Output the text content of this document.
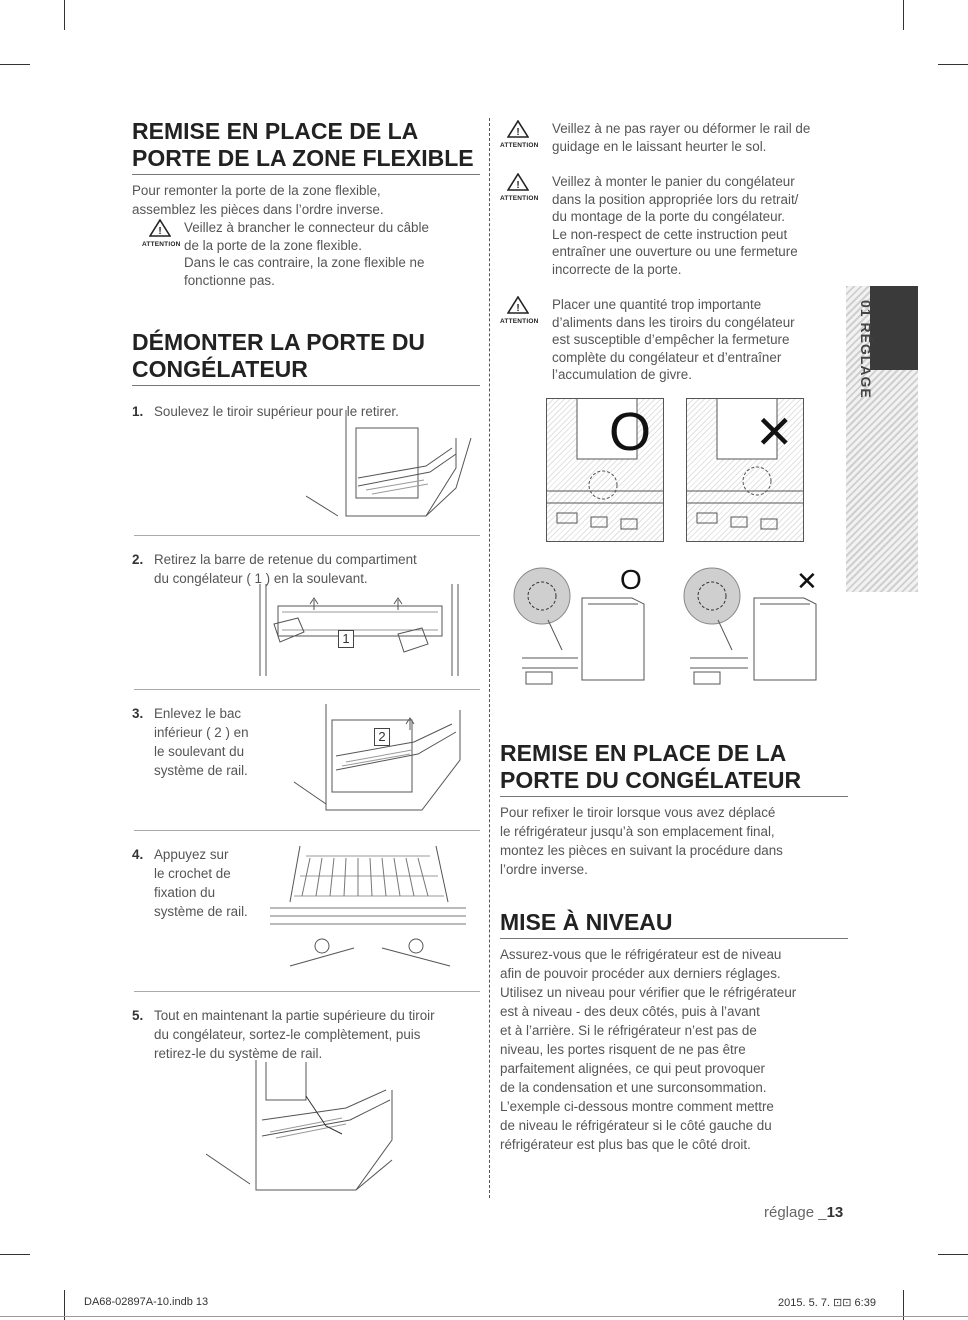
REMISE EN PLACE DE LA
PORTE DE LA ZONE FLEXIBLE

Pour remonter la porte de la zone flexible,
assemblez les pièces dans l’ordre inverse.

!
ATTENTION
Veillez à brancher le connecteur du câble
de la porte de la zone flexible.
Dans le cas contraire, la zone flexible ne
fonctionne pas.
DÉMONTER LA PORTE DU
CONGÉLATEUR
1. Soulevez le tiroir supérieur pour le retirer.
2. Retirez la barre de retenue du compartiment
du congélateur ( 1 ) en la soulevant.
1
3. Enlevez le bac
inférieur ( 2 ) en
le soulevant du
système de rail.
2
4. Appuyez sur
le crochet de
fixation du
système de rail.
5. Tout en maintenant la partie supérieure du tiroir
du congélateur, sortez-le complètement, puis
retirez-le du système de rail.
!
ATTENTION
Veillez à ne pas rayer ou déformer le rail de
guidage en le laissant heurter le sol.
!
ATTENTION
Veillez à monter le panier du congélateur
dans la position appropriée lors du retrait/
du montage de la porte du congélateur.
Le non-respect de cette instruction peut
entraîner une ouverture ou une fermeture
incorrecte de la porte.
!
ATTENTION
Placer une quantité trop importante
d’aliments dans les tiroirs du congélateur
est susceptible d’empêcher la fermeture
complète du congélateur et d’entraîner
l’accumulation de givre.
O ✕
O	✕
REMISE EN PLACE DE LA
PORTE DU CONGÉLATEUR

Pour refixer le tiroir lorsque vous avez déplacé
le réfrigérateur jusqu’à son emplacement final,
montez les pièces en suivant la procédure dans
l’ordre inverse.

MISE À NIVEAU

Assurez-vous que le réfrigérateur est de niveau
afin de pouvoir procéder aux derniers réglages.
Utilisez un niveau pour vérifier que le réfrigérateur
est à niveau - des deux côtés, puis à l’avant
et à l’arrière. Si le réfrigérateur n’est pas de
niveau, les portes risquent de ne pas être
parfaitement alignées, ce qui peut provoquer
de la condensation et une surconsommation.
L’exemple ci-dessous montre comment mettre
de niveau le réfrigérateur si le côté gauche du
réfrigérateur est plus bas que le côté droit.

01 RÉGLAGE
réglage _13
DA68-02897A-10.indb 13	2015. 5. 7. ⊡⊡ 6:39
